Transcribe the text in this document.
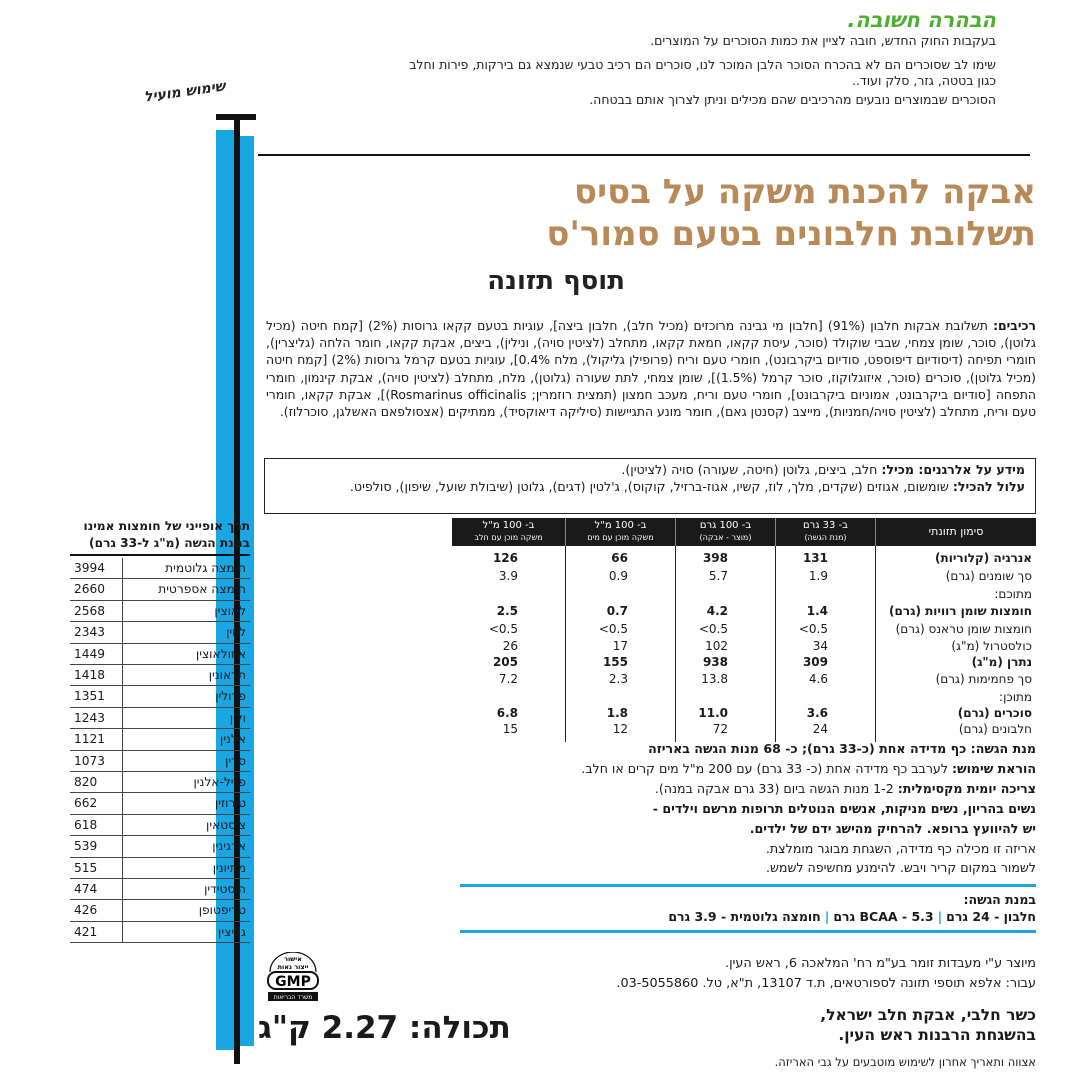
הבהרה חשובה.
בעקבות החוק החדש, חובה לציין את כמות הסוכרים על המוצרים.
שימו לב שסוכרים הם לא בהכרח הסוכר הלבן המוכר לנו, סוכרים הם רכיב טבעי שנמצא גם בירקות, פירות וחלב
כגון בטטה, גזר, סלק ועוד..
הסוכרים שבמוצרים נובעים מהרכיבים שהם מכילים וניתן לצרוך אותם בבטחה.
שימוש מועיל
אבקה להכנת משקה על בסיס
תשלובת חלבונים בטעם סמור'ס
תוסף תזונה
רכיבים: תשלובת אבקות חלבון (91%) [חלבון מי גבינה מרוכזים (מכיל חלב), חלבון ביצה], עוגיות בטעם קקאו גרוסות (2%) [קמח חיטה (מכיל גלוטן), סוכר, שומן צמחי, שבבי שוקולד (סוכר, עיסת קקאו, חמאת קקאו, מתחלב (לציטין סויה), וניליןׂ), ביצים, אבקת קקאו, חומר הלחה (גליצרין), חומרי תפיחה (דיסודיום דיפוספט, סודיום ביקרבונט), חומרי טעם וריח (פרופילן גליקול), מלח 0.4%], עוגיות בטעם קרמל גרוסות (2%) [קמח חיטה (מכיל גלוטן), סוכרים (סוכר, איזוגלוקוז, סוכר קרמל (1.5%)], שומן צמחי, לתת שעורה (גלוטן), מלח, מתחלב (לציטין סויה), אבקת קינמון, חומרי התפחה [סודיום ביקרבונט, אמוניום ביקרבונט], חומרי טעם וריח, מעכב חמצון (תמצית רוזמרין; Rosmarinus officinalis)], אבקת קקאו, חומרי טעם וריח, מתחלב (לציטין סויה/חמניות), מייצב (קסנטן גאם), חומר מונע התגיישות (סיליקה דיאוקסיד), ממתיקים (אצסולפאם האשלגן, סוכרלוז).
מידע על אלרגנים: מכיל: חלב, ביצים, גלוטן (חיטה, שעורה) סויה (לציטין).
עלול להכיל: שומשום, אגוזים (שקדים, מלך, לוז, קשיו, אגוז-ברזיל, קוקוס), ג'לטין (דגים), גלוטן (שיבולת שועל, שיפון), סולפיט.
סימון תזונתי
ב- 33 גרם
(מנת הגשה)
ב- 100 גרם
(מוצר - אבקה)
ב- 100 מ"ל
משקה מוכן עם מים
ב- 100 מ"ל
משקה מוכן עם חלב
אנרגיה (קלוריות)
131
398
66
126
סך שומנים (גרם)
1.9
5.7
0.9
3.9
מתוכם:
חומצות שומן רוויות (גרם)
1.4
4.2
0.7
2.5
חומצות שומן טראנס (גרם)
0.5>
0.5>
0.5>
0.5>
כולסטרול (מ"ג)
34
102
17
26
נתרן (מ"ג)
309
938
155
205
סך פחמימות (גרם)
4.6
13.8
2.3
7.2
מתוכן:
סוכרים (גרם)
3.6
11.0
1.8
6.8
חלבונים (גרם)
24
72
12
15
תרך אופייני של חומצות אמינו
במנת הגשה (מ"ג ל-33 גרם)
חומצה גלוטמית
3994
חומצה אספרטית
2660
לאוצין
2568
ליזין
2343
איזולאוצין
1449
תראונין
1418
פרולין
1351
ולין
1243
אלנין
1121
סרין
1073
פניל-אלנין
820
טירוזין
662
ציסטאין
618
ארגינין
539
מתיונין
515
היסטידין
474
טריפטופן
426
גליצין
421
מנת הגשה: כף מדידה אחת (כ-33 גרם); כ- 68 מנות הגשה באריזה
הוראת שימוש: לערבב כף מדידה אחת (כ- 33 גרם) עם 200 מ"ל מים קרים או חלב.
צריכה יומית מקסימלית: 1-2 מנות הגשה ביום (33 גרם אבקה במנה).
נשים בהריון, נשים מניקות, אנשים הנוטלים תרופות מרשם וילדים -
יש להיוועץ ברופא. להרחיק מהישג ידם של ילדים.
אריזה זו מכילה כף מדידה, השגחת מבוגר מומלצת.
לשמור במקום קריר ויבש. להימנע מחשיפה לשמש.
במנת הגשה:
חלבון - 24 גרם|BCAA - 5.3 גרם|חומצה גלוטמית - 3.9 גרם
מיוצר ע"י מעבדות זומר בע"מ רח' המלאכה 6, ראש העין.
עבור: אלפא תוספי תזונה לספורטאים, ת.ד 13107, ת"א, טל. 03-5055860.
כשר חלבי, אבקת חלב ישראל,
בהשגחת הרבנות ראש העין.
תכולה: 2.27 ק"ג
אצווה ותאריך אחרון לשימוש מוטבעים על גבי האריזה.
אישור
ייצור נאות
GMP
משרד הבריאות
